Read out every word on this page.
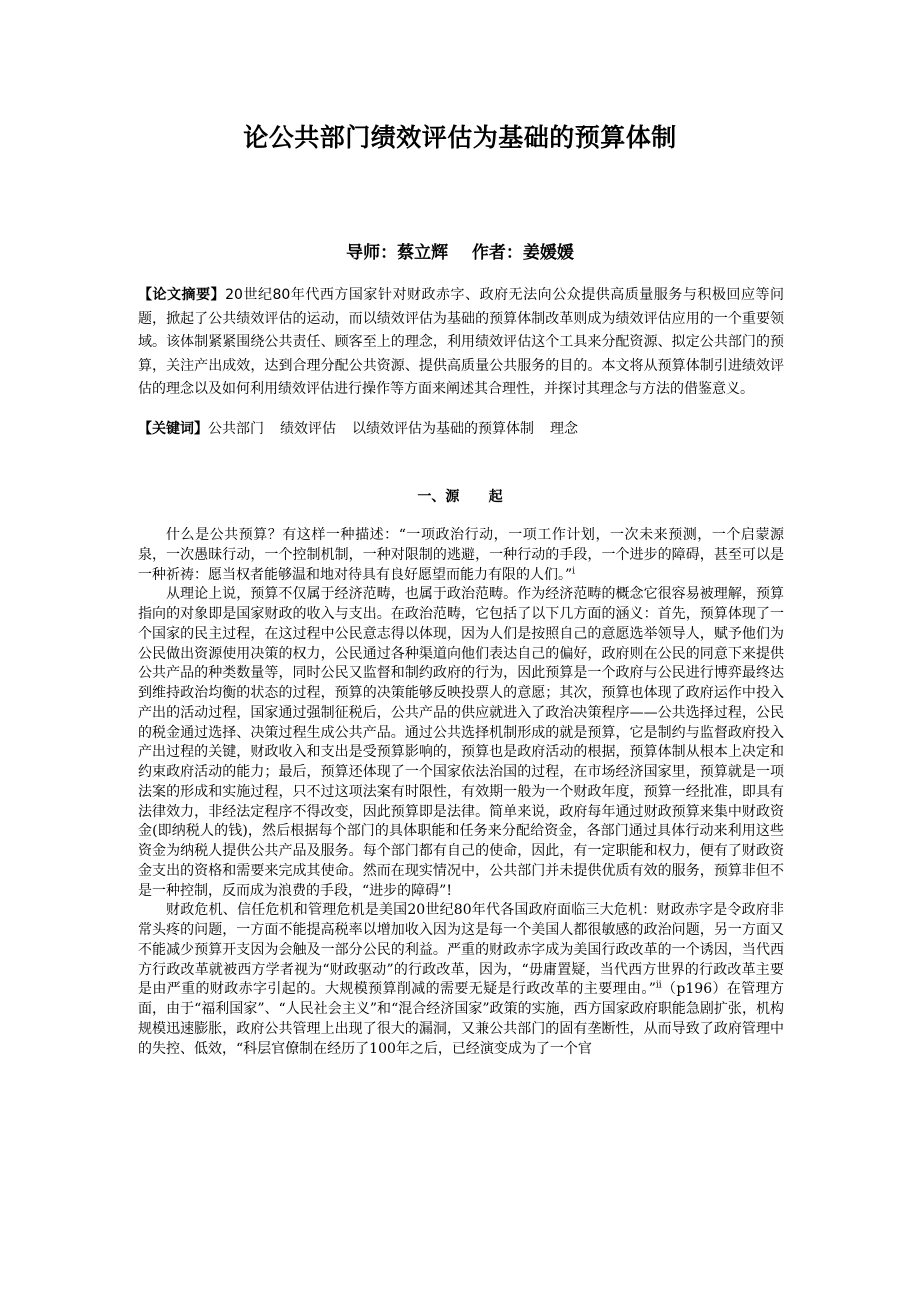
论公共部门绩效评估为基础的预算体制
导师：蔡立辉    作者：姜媛媛
【论文摘要】20世纪80年代西方国家针对财政赤字、政府无法向公众提供高质量服务与积极回应等问题，掀起了公共绩效评估的运动，而以绩效评估为基础的预算体制改革则成为绩效评估应用的一个重要领域。该体制紧紧围绕公共责任、顾客至上的理念，利用绩效评估这个工具来分配资源、拟定公共部门的预算，关注产出成效，达到合理分配公共资源、提供高质量公共服务的目的。本文将从预算体制引进绩效评估的理念以及如何利用绩效评估进行操作等方面来阐述其合理性，并探讨其理念与方法的借鉴意义。
【关键词】公共部门 绩效评估 以绩效评估为基础的预算体制 理念
一、源      起

什么是公共预算？有这样一种描述：“一项政治行动，一项工作计划，一次未来预测，一个启蒙源泉，一次愚昧行动，一个控制机制，一种对限制的逃避，一种行动的手段，一个进步的障碍，甚至可以是一种祈祷：愿当权者能够温和地对待具有良好愿望而能力有限的人们。”$^i$

从理论上说，预算不仅属于经济范畴，也属于政治范畴。作为经济范畴的概念它很容易被理解，预算指向的对象即是国家财政的收入与支出。在政治范畴，它包括了以下几方面的涵义：首先，预算体现了一个国家的民主过程，在这过程中公民意志得以体现，因为人们是按照自己的意愿选举领导人，赋予他们为公民做出资源使用决策的权力，公民通过各种渠道向他们表达自己的偏好，政府则在公民的同意下来提供公共产品的种类数量等，同时公民又监督和制约政府的行为，因此预算是一个政府与公民进行博弈最终达到维持政治均衡的状态的过程，预算的决策能够反映投票人的意愿；其次，预算也体现了政府运作中投入产出的活动过程，国家通过强制征税后，公共产品的供应就进入了政治决策程序——公共选择过程，公民的税金通过选择、决策过程生成公共产品。通过公共选择机制形成的就是预算，它是制约与监督政府投入产出过程的关键，财政收入和支出是受预算影响的，预算也是政府活动的根据，预算体制从根本上决定和约束政府活动的能力；最后，预算还体现了一个国家依法治国的过程，在市场经济国家里，预算就是一项法案的形成和实施过程，只不过这项法案有时限性，有效期一般为一个财政年度，预算一经批准，即具有法律效力，非经法定程序不得改变，因此预算即是法律。简单来说，政府每年通过财政预算来集中财政资金(即纳税人的钱)，然后根据每个部门的具体职能和任务来分配给资金，各部门通过具体行动来利用这些资金为纳税人提供公共产品及服务。每个部门都有自己的使命，因此，有一定职能和权力，便有了财政资金支出的资格和需要来完成其使命。然而在现实情况中，公共部门并未提供优质有效的服务，预算非但不是一种控制，反而成为浪费的手段，“进步的障碍”!

财政危机、信任危机和管理危机是美国20世纪80年代各国政府面临三大危机：财政赤字是令政府非常头疼的问题，一方面不能提高税率以增加收入因为这是每一个美国人都很敏感的政治问题，另一方面又不能减少预算开支因为会触及一部分公民的利益。严重的财政赤字成为美国行政改革的一个诱因，当代西方行政改革就被西方学者视为“财政驱动”的行政改革，因为，“毋庸置疑，当代西方世界的行政改革主要是由严重的财政赤字引起的。大规模预算削减的需要无疑是行政改革的主要理由。”$^{ii}$（p196）在管理方面，由于“福利国家”、“人民社会主义”和“混合经济国家”政策的实施，西方国家政府职能急剧扩张，机构规模迅速膨胀，政府公共管理上出现了很大的漏洞，又兼公共部门的固有垄断性，从而导致了政府管理中的失控、低效，“科层官僚制在经历了100年之后，已经演变成为了一个官
